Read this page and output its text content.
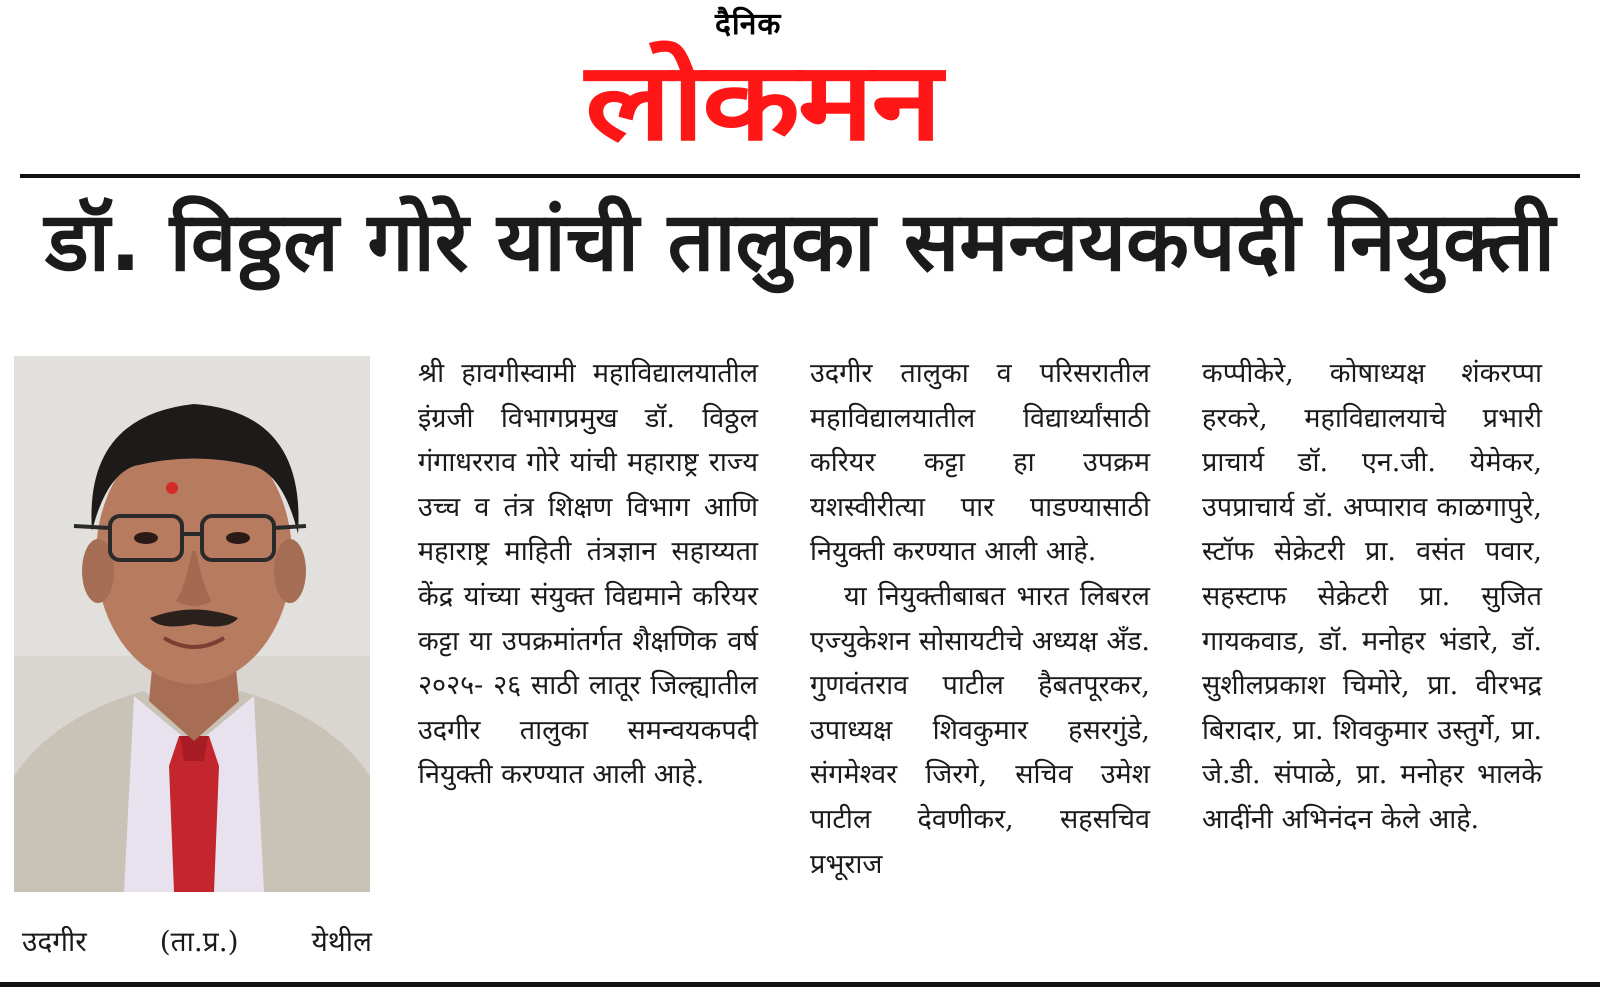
दैनिक
लोकमन
डॉ. विठ्ठल गोरे यांची तालुका समन्वयकपदी नियुक्ती
उदगीर (ता.प्र.) येथील

श्री हावगीस्वामी महाविद्यालयातील इंग्रजी विभागप्रमुख डॉ. विठ्ठल गंगाधरराव गोरे यांची महाराष्ट्र राज्य उच्च व तंत्र शिक्षण विभाग आणि महाराष्ट्र माहिती तंत्रज्ञान सहाय्यता केंद्र यांच्या संयुक्त विद्यमाने करियर कट्टा या उपक्रमांतर्गत शैक्षणिक वर्ष २०२५- २६ साठी लातूर जिल्ह्यातील उदगीर तालुका समन्वयकपदी नियुक्ती करण्यात आली आहे.

उदगीर तालुका व परिसरातील महाविद्यालयातील विद्यार्थ्यांसाठी करियर कट्टा हा उपक्रम यशस्वीरीत्या पार पाडण्यासाठी नियुक्ती करण्यात आली आहे.

या नियुक्तीबाबत भारत लिबरल एज्युकेशन सोसायटीचे अध्यक्ष अँड. गुणवंतराव पाटील हैबतपूरकर, उपाध्यक्ष शिवकुमार हसरगुंडे, संगमेश्वर जिरगे, सचिव उमेश पाटील देवणीकर, सहसचिव प्रभूराज

कप्पीकेरे, कोषाध्यक्ष शंकरप्पा हरकरे, महाविद्यालयाचे प्रभारी प्राचार्य डॉ. एन.जी. येमेकर, उपप्राचार्य डॉ. अप्पाराव काळगापुरे, स्टॉफ सेक्रेटरी प्रा. वसंत पवार, सहस्टाफ सेक्रेटरी प्रा. सुजित गायकवाड, डॉ. मनोहर भंडारे, डॉ. सुशीलप्रकाश चिमोरे, प्रा. वीरभद्र बिरादार, प्रा. शिवकुमार उस्तुर्गे, प्रा. जे.डी. संपाळे, प्रा. मनोहर भालके आदींनी अभिनंदन केले आहे.
